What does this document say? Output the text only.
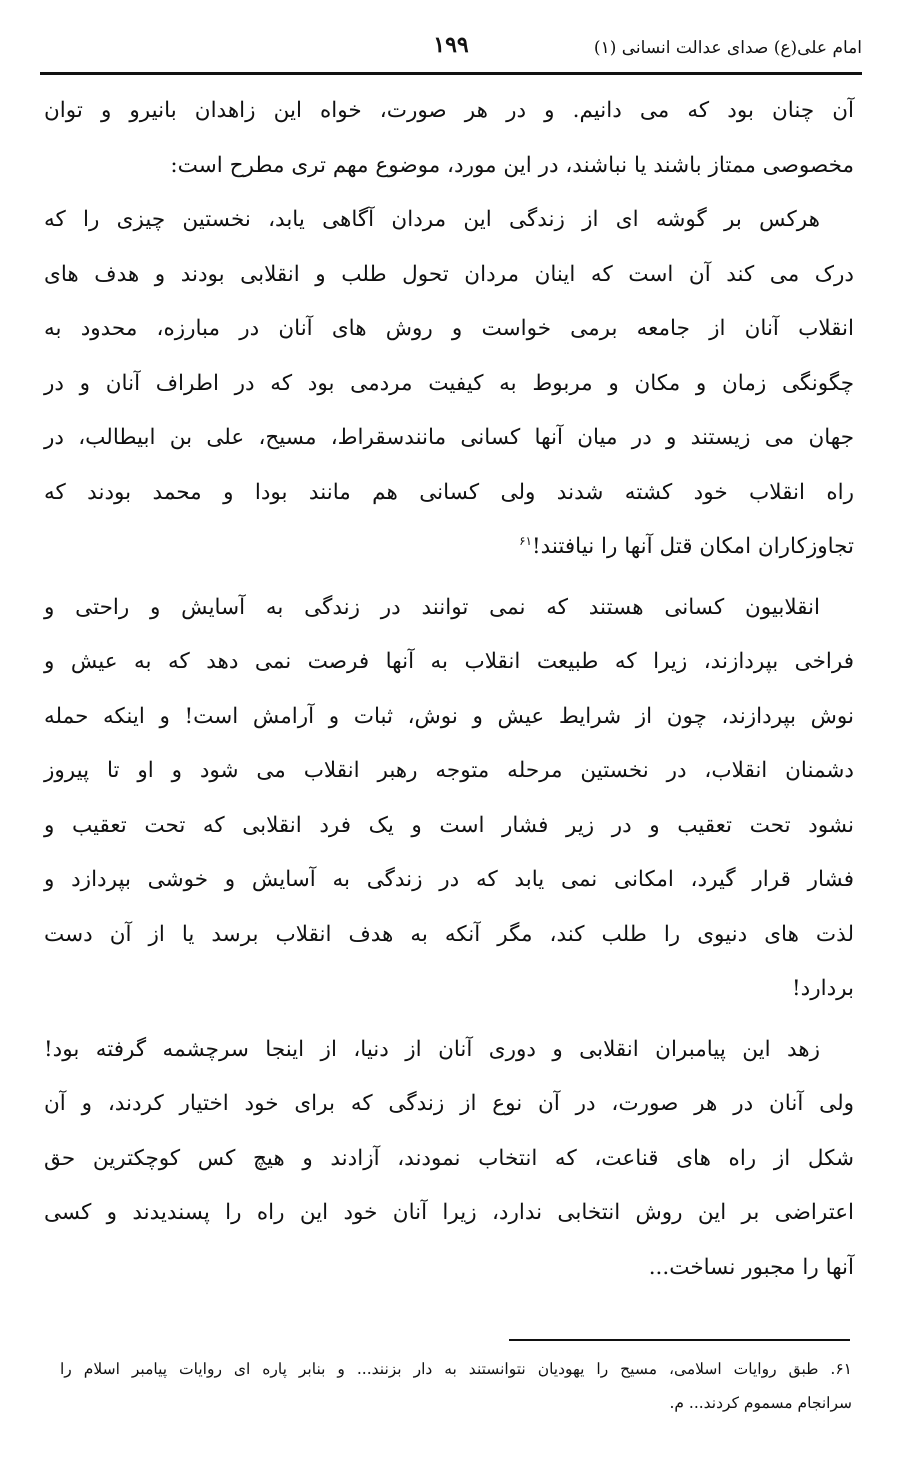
امام علی(ع) صدای عدالت انسانی (۱)
۱۹۹

آن چنان بود که می دانیم. و در هر صورت، خواه این زاهدان بانیرو و توان
مخصوصی ممتاز باشند یا نباشند، در این مورد، موضوع مهم تری مطرح است:

هرکس بر گوشه ای از زندگی این مردان آگاهی یابد، نخستین چیزی را که
درک می کند آن است که اینان مردان تحول طلب و انقلابی بودند و هدف های
انقلاب آنان از جامعه برمی خواست و روش های آنان در مبارزه، محدود به
چگونگی زمان و مکان و مربوط به کیفیت مردمی بود که در اطراف آنان و در
جهان می زیستند و در میان آنها کسانی مانندسقراط، مسیح، علی بن ابیطالب، در
راه انقلاب خود کشته شدند ولی کسانی هم مانند بودا و محمد بودند که
تجاوزکاران امکان قتل آنها را نیافتند!$^{۶۱}$

انقلابیون کسانی هستند که نمی توانند در زندگی به آسایش و راحتی و
فراخی بپردازند، زیرا که طبیعت انقلاب به آنها فرصت نمی دهد که به عیش و
نوش بپردازند، چون از شرایط عیش و نوش، ثبات و آرامش است! و اینکه حمله
دشمنان انقلاب، در نخستین مرحله متوجه رهبر انقلاب می شود و او تا پیروز
نشود تحت تعقیب و در زیر فشار است و یک فرد انقلابی که تحت تعقیب و
فشار قرار گیرد، امکانی نمی یابد که در زندگی به آسایش و خوشی بپردازد و
لذت های دنیوی را طلب کند، مگر آنکه به هدف انقلاب برسد یا از آن دست
بردارد!

زهد این پیامبران انقلابی و دوری آنان از دنیا، از اینجا سرچشمه گرفته بود!
ولی آنان در هر صورت، در آن نوع از زندگی که برای خود اختیار کردند، و آن
شکل از راه های قناعت، که انتخاب نمودند، آزادند و هیچ کس کوچکترین حق
اعتراضی بر این روش انتخابی ندارد، زیرا آنان خود این راه را پسندیدند و کسی
آنها را مجبور نساخت...

۶۱. طبق روایات اسلامی، مسیح را یهودیان نتوانستند به دار بزنند... و بنابر پاره ای روایات پیامبر اسلام را
سرانجام مسموم کردند... م.
